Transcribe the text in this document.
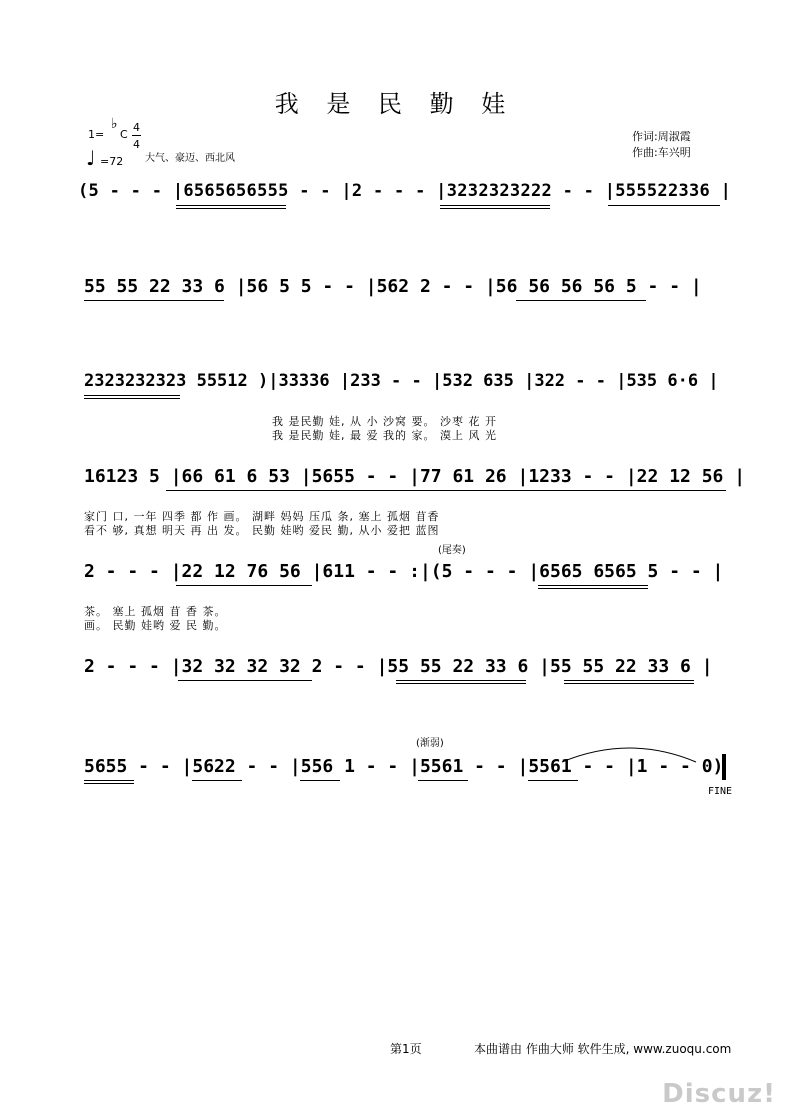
我 是 民 勤 娃
1=
♭
C
4
4
♩ =72 大气、豪迈、西北风
作词:周淑霞
作曲:车兴明
(5 - - - |6565656555 - - |2 - - - |3232323222 - - |555522336 |
55 55 22 33 6 |56 5 5 - - |562 2 - - |56 56 56 56 5 - - |
2323232323 55512 )|33336 |233 - - |532 635 |322 - - |535 6·6 |
我 是民勤 娃, 从 小 沙窝 要。 沙枣 花 开
我 是民勤 娃, 最 爱 我的 家。 漠上 风 光
16123 5 |66 61 6 53 |5655 - - |77 61 26 |1233 - - |22 12 56 |
家门 口, 一年 四季 都 作 画。 湖畔 妈妈 压瓜 条, 塞上 孤烟 苜香
看不 够, 真想 明天 再 出 发。 民勤 娃哟 爱民 勤, 从小 爱把 蓝图
(尾奏)
2 - - - |22 12 76 56 |611 - - :|(5 - - - |6565 6565 5 - - |
茶。 塞上 孤烟 苜 香 茶。
画。 民勤 娃哟 爱 民 勤。
2 - - - |32 32 32 32 2 - - |55 55 22 33 6 |55 55 22 33 6 |
(渐弱)
5655 - - |5622 - - |556 1 - - |5561 - - |5561 - - |1 - - 0)
FINE
第1页	本曲谱由 作曲大师 软件生成, www.zuoqu.com
Discuz!
